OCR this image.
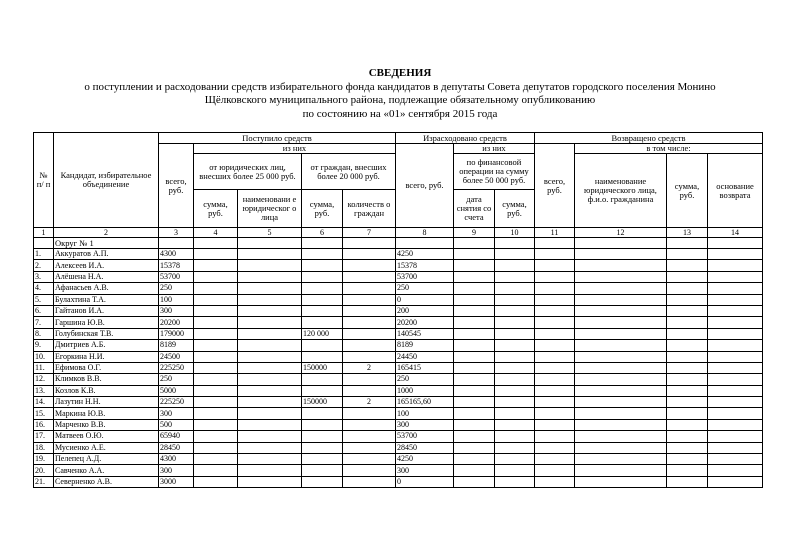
СВЕДЕНИЯ
о поступлении и расходовании средств избирательного фонда кандидатов в депутаты Совета депутатов городского поселения Монино
Щёлковского муниципального района, подлежащие обязательному опубликованию
по состоянию на «01» сентября 2015 года
№ п/ п	Кандидат, избирательное объединение	Поступило средств					Израсходовано средств			Возвращено средств			
		всего, руб.	из них				всего, руб.	из них		всего, руб.	в том числе:		
			от юридических лиц, внесших более 25 000 руб.		от граждан, внесших более 20 000 руб.			по финансовой операции на сумму более 50 000 руб.			наименование юридического лица, ф.и.о. гражданина	сумма, руб.	основание возврата
			сумма, руб.	наименовани е юридическог о лица	сумма, руб.	количеств о граждан		дата снятия со счета	сумма, руб.				
1	2	3	4	5	6	7	8	9	10	11	12	13	14
	Округ № 1												
1.	Аккуратов А.П.	4300					4250						
2.	Алексеев И.А.	15378					15378						
3.	Алёшена Н.А.	53700					53700						
4.	Афанасьев А.В.	250					250						
5.	Булахтина Т.А.	100					0						
6.	Гайтанов И.А.	300					200						
7.	Гаршина Ю.В.	20200					20200						
8.	Голубинская Т.В.	179000			120 000		140545						
9.	Дмитриев А.Б.	8189					8189						
10.	Егоркина Н.И.	24500					24450						
11.	Ефимова О.Г.	225250			150000	2	165415						
12.	Климков В.В.	250					250						
13.	Козлов К.В.	5000					1000						
14.	Лазутин Н.Н.	225250			150000	2	165165,60						
15.	Маркина Ю.В.	300					100						
16.	Марченко В.В.	500					300						
17.	Матвеев О.Ю.	65940					53700						
18.	Мусиенко А.Е.	28450					28450						
19.	Пелепец А.Д.	4300					4250						
20.	Савченко А.А.	300					300						
21.	Северненко А.В.	3000					0						
